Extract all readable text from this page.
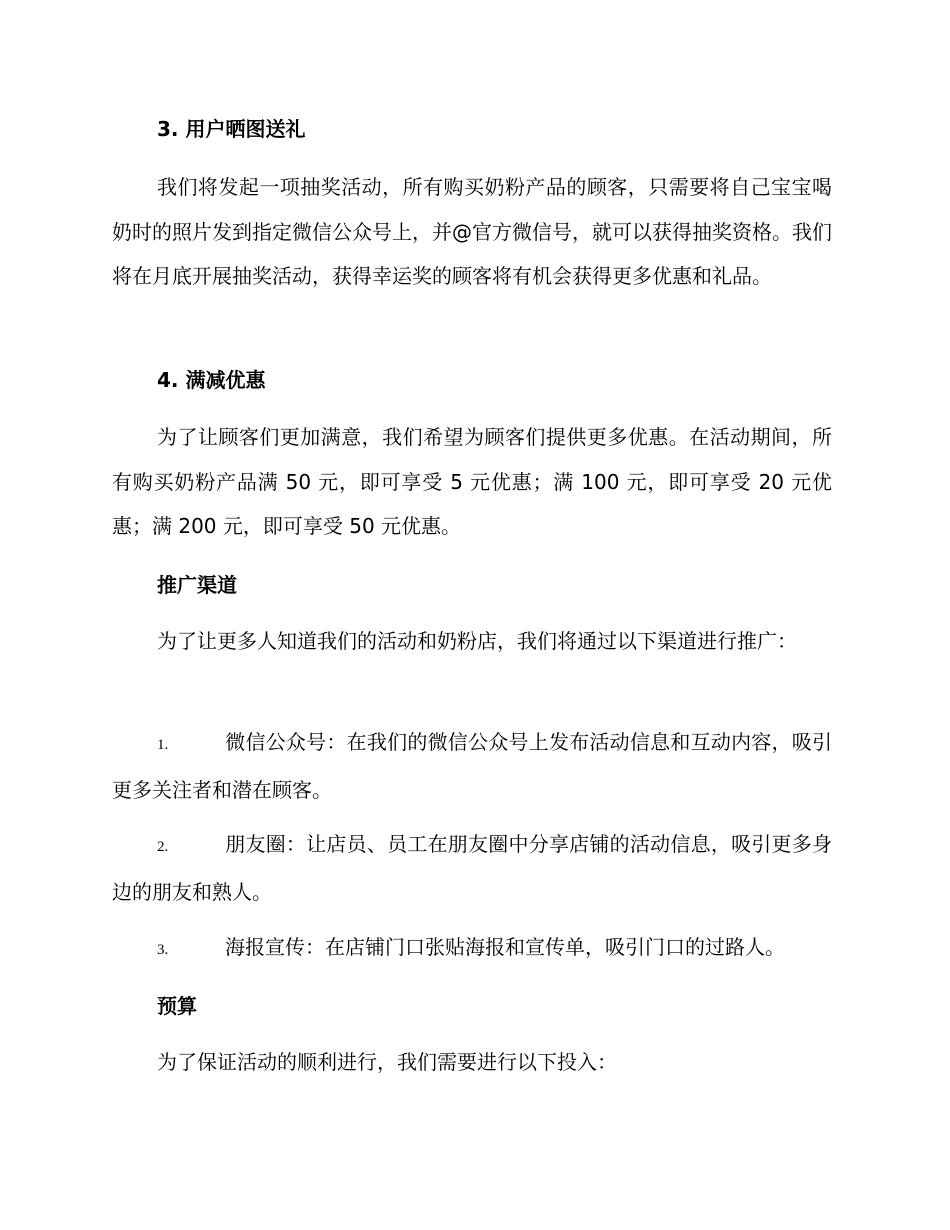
3. 用户晒图送礼
我们将发起一项抽奖活动，所有购买奶粉产品的顾客，只需要将自己宝宝喝奶时的照片发到指定微信公众号上，并@官方微信号，就可以获得抽奖资格。我们将在月底开展抽奖活动，获得幸运奖的顾客将有机会获得更多优惠和礼品。
4. 满减优惠
为了让顾客们更加满意，我们希望为顾客们提供更多优惠。在活动期间，所有购买奶粉产品满 50 元，即可享受 5 元优惠；满 100 元，即可享受 20 元优惠；满 200 元，即可享受 50 元优惠。
推广渠道
为了让更多人知道我们的活动和奶粉店，我们将通过以下渠道进行推广：
1.	微信公众号：在我们的微信公众号上发布活动信息和互动内容，吸引更多关注者和潜在顾客。
2.	朋友圈：让店员、员工在朋友圈中分享店铺的活动信息，吸引更多身边的朋友和熟人。
3.	海报宣传：在店铺门口张贴海报和宣传单，吸引门口的过路人。
预算
为了保证活动的顺利进行，我们需要进行以下投入：
